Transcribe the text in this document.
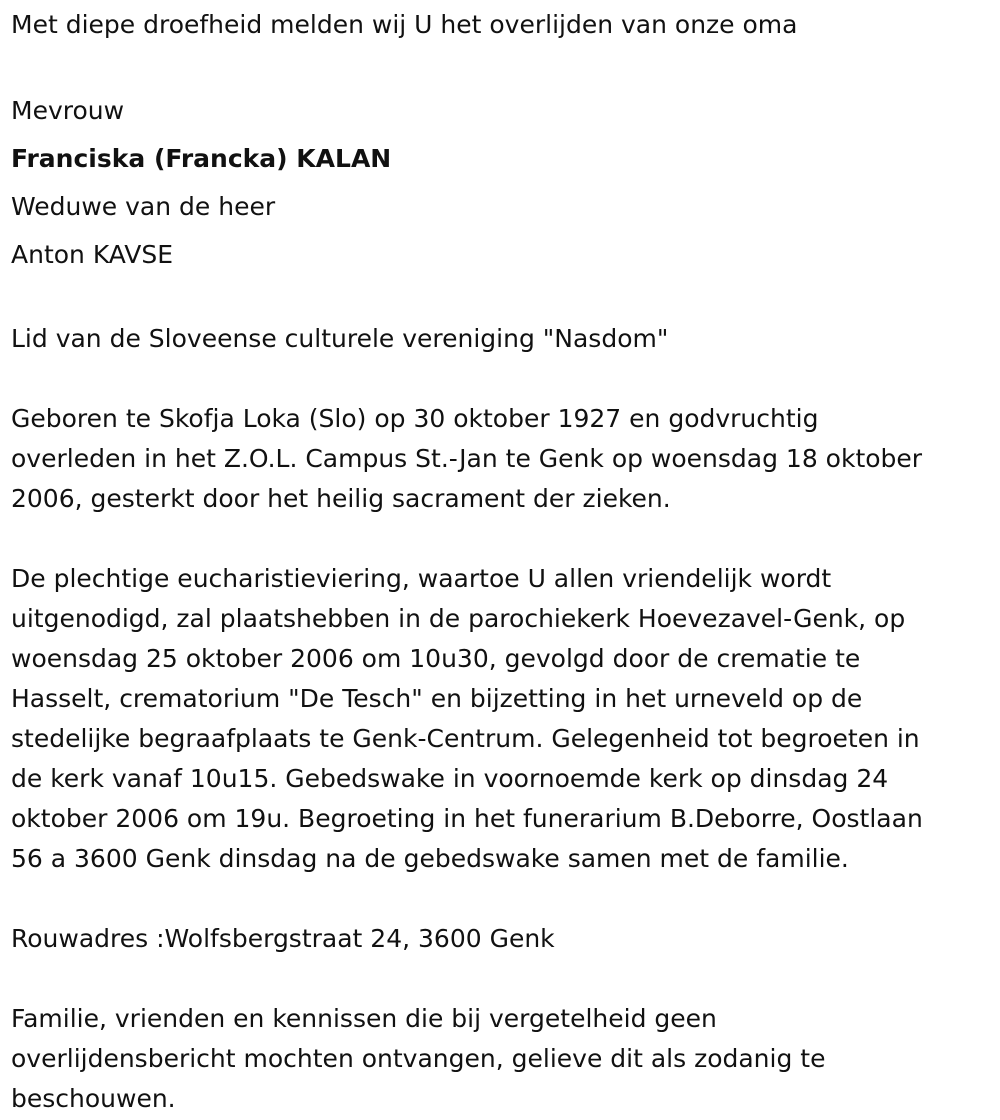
Met diepe droefheid melden wij U het overlijden van onze oma
Mevrouw
Franciska (Francka) KALAN
Weduwe van de heer
Anton KAVSE
Lid van de Sloveense culturele vereniging "Nasdom"
Geboren te Skofja Loka (Slo) op 30 oktober 1927 en godvruchtig
overleden in het Z.O.L. Campus St.-Jan te Genk op woensdag 18 oktober
2006, gesterkt door het heilig sacrament der zieken.
De plechtige eucharistieviering, waartoe U allen vriendelijk wordt
uitgenodigd, zal plaatshebben in de parochiekerk Hoevezavel-Genk, op
woensdag 25 oktober 2006 om 10u30, gevolgd door de crematie te
Hasselt, crematorium "De Tesch" en bijzetting in het urneveld op de
stedelijke begraafplaats te Genk-Centrum. Gelegenheid tot begroeten in
de kerk vanaf 10u15. Gebedswake in voornoemde kerk op dinsdag 24
oktober 2006 om 19u. Begroeting in het funerarium B.Deborre, Oostlaan
56 a 3600 Genk dinsdag na de gebedswake samen met de familie.
Rouwadres :Wolfsbergstraat 24, 3600 Genk
Familie, vrienden en kennissen die bij vergetelheid geen
overlijdensbericht mochten ontvangen, gelieve dit als zodanig te
beschouwen.
